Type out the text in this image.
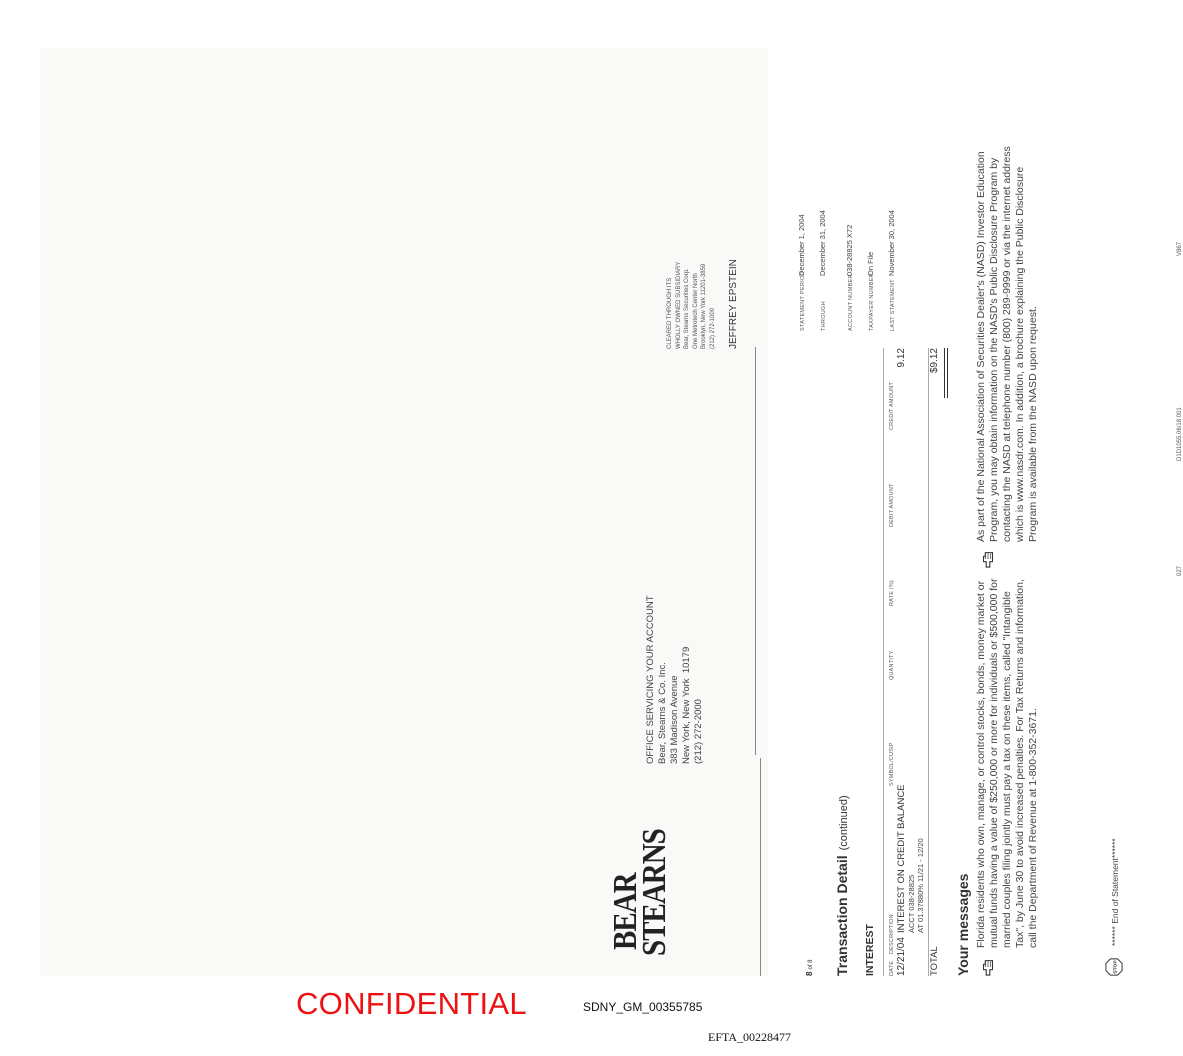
BEAR
STEARNS
OFFICE SERVICING YOUR ACCOUNT Bear, Stearns & Co. Inc. 383 Madison Avenue New York, New York  10179 (212) 272-2000
CLEARED THROUGH ITS WHOLLY OWNED SUBSIDIARY Bear, Stearns Securities Corp. One Metrotech Center North Brooklyn, New York 11201-3859 (212) 272-1000 JEFFREY EPSTEIN
8of 8
STATEMENT PERIODDecember 1, 2004
THROUGHDecember 31, 2004
ACCOUNT NUMBER038-28825 X72
TAXPAYER NUMBEROn File
LAST STATEMENTNovember 30, 2004
Transaction Detail(continued)
INTEREST DATE
DESCRIPTION
SYMBOL/CUSIP
QUANTITY
RATE (%)
DEBIT AMOUNT
CREDIT AMOUNT
12/21/04
INTEREST ON CREDIT BALANCE ACCT 038-28825 AT 01.37880% 11/21 - 12/20
9.12
TOTAL
$9.12
Your messages Florida residents who own, manage, or control stocks, bonds, money market or mutual funds having a value of $250,000 or more for individuals or $500,000 for married couples filing jointly must pay a tax on these items, called "Intangible Tax", by June 30 to avoid increased penalties. For Tax Returns and information, call the Department of Revenue at 1-800-352-3671.
As part of the National Association of Securities Dealer's (NASD) Investor Education Program, you may obtain information on the NASD's Public Disclosure Program by contacting the NASD at telephone number (800) 289-9999 or via the internet address which is www.nasdr.com. In addition, a brochure explaining the Public Disclosure Program is available from the NASD upon request.
STOP
****** End of Statement******
027
D1D1055.06/18 001
V867
CONFIDENTIAL	SDNY_GM_00355785
EFTA_00228477
